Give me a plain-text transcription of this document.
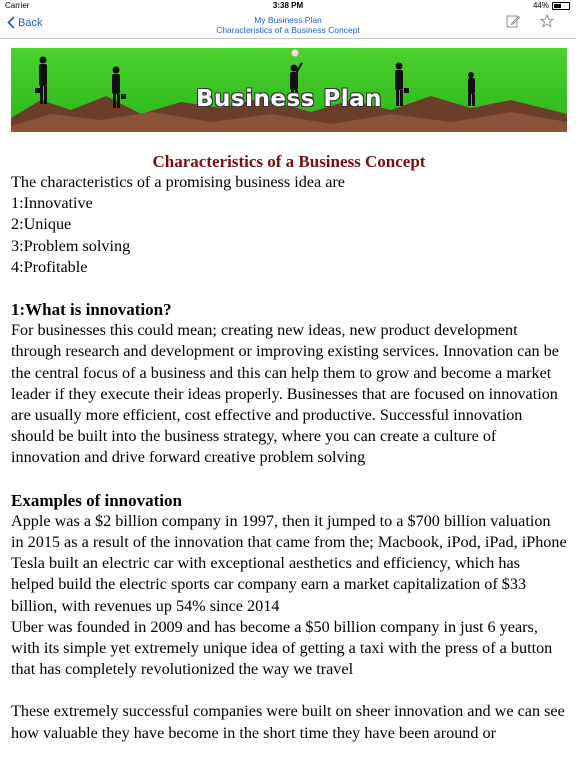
Carrier	3:38 PM	44%
Back	My Business Plan
Characteristics of a Business Concept
Business Plan
Characteristics of a Business Concept

The characteristics of a promising business idea are

1:Innovative

2:Unique

3:Problem solving

4:Profitable

1:What is innovation?

For businesses this could mean; creating new ideas, new product development through research and development or improving existing services. Innovation can be the central focus of a business and this can help them to grow and become a market leader if they execute their ideas properly. Businesses that are focused on innovation are usually more efficient, cost effective and productive. Successful innovation should be built into the business strategy, where you can create a culture of innovation and drive forward creative problem solving

Examples of innovation

Apple was a $2 billion company in 1997, then it jumped to a $700 billion valuation in 2015 as a result of the innovation that came from the; Macbook, iPod, iPad, iPhone

Tesla built an electric car with exceptional aesthetics and efficiency, which has helped build the electric sports car company earn a market capitalization of $33 billion, with revenues up 54% since 2014

Uber was founded in 2009 and has become a $50 billion company in just 6 years, with its simple yet extremely unique idea of getting a taxi with the press of a button that has completely revolutionized the way we travel

These extremely successful companies were built on sheer innovation and we can see how valuable they have become in the short time they have been around or
